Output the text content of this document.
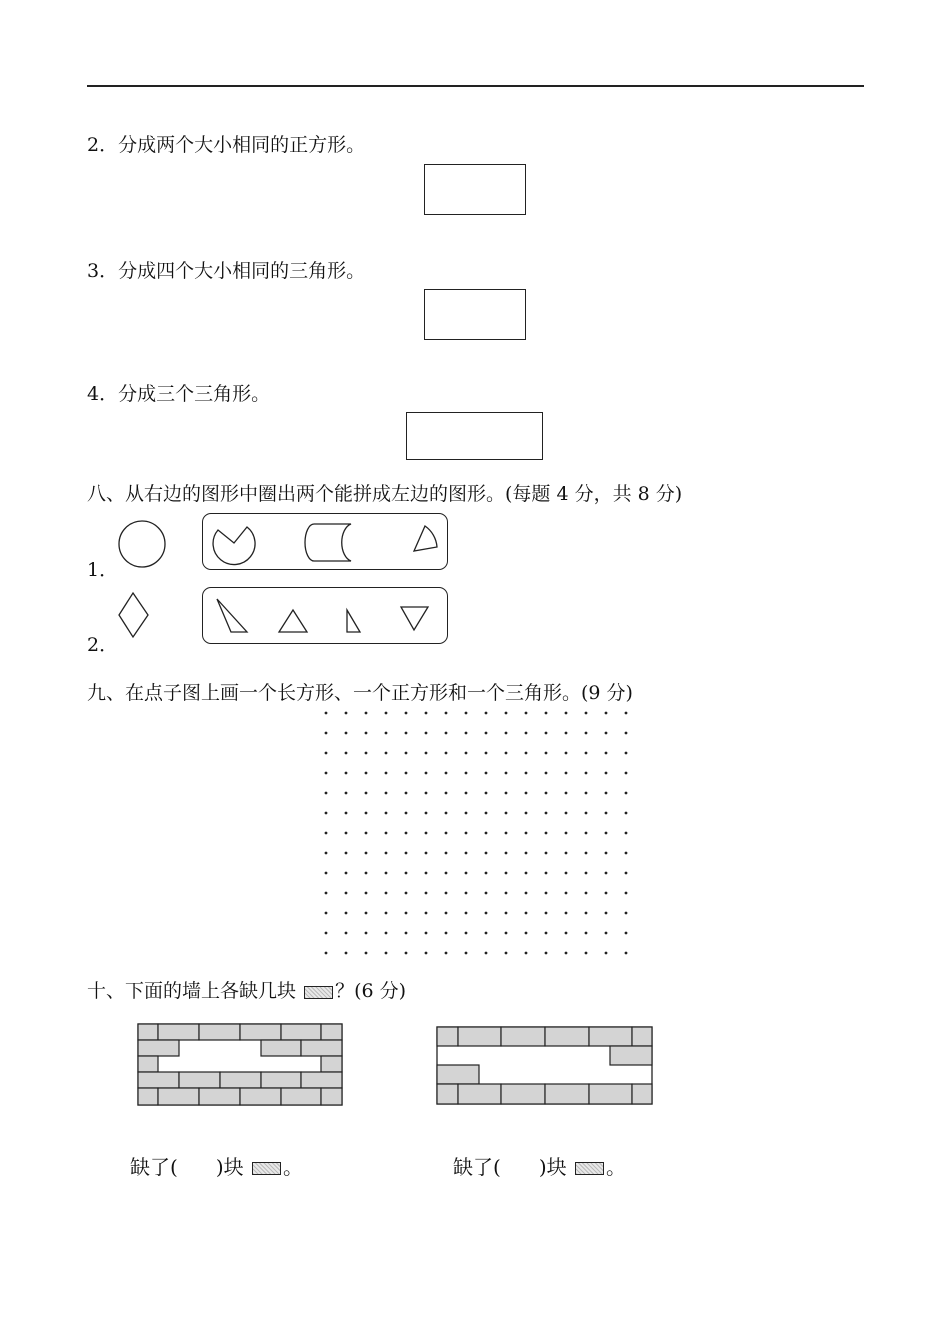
2．分成两个大小相同的正方形。
3．分成四个大小相同的三角形。
4．分成三个三角形。
八、从右边的图形中圈出两个能拼成左边的图形。(每题 4 分，共 8 分)
1．
2．
九、在点子图上画一个长方形、一个正方形和一个三角形。(9 分)
十、下面的墙上各缺几块 ？(6 分)
缺了( )块 。	缺了( )块 。
